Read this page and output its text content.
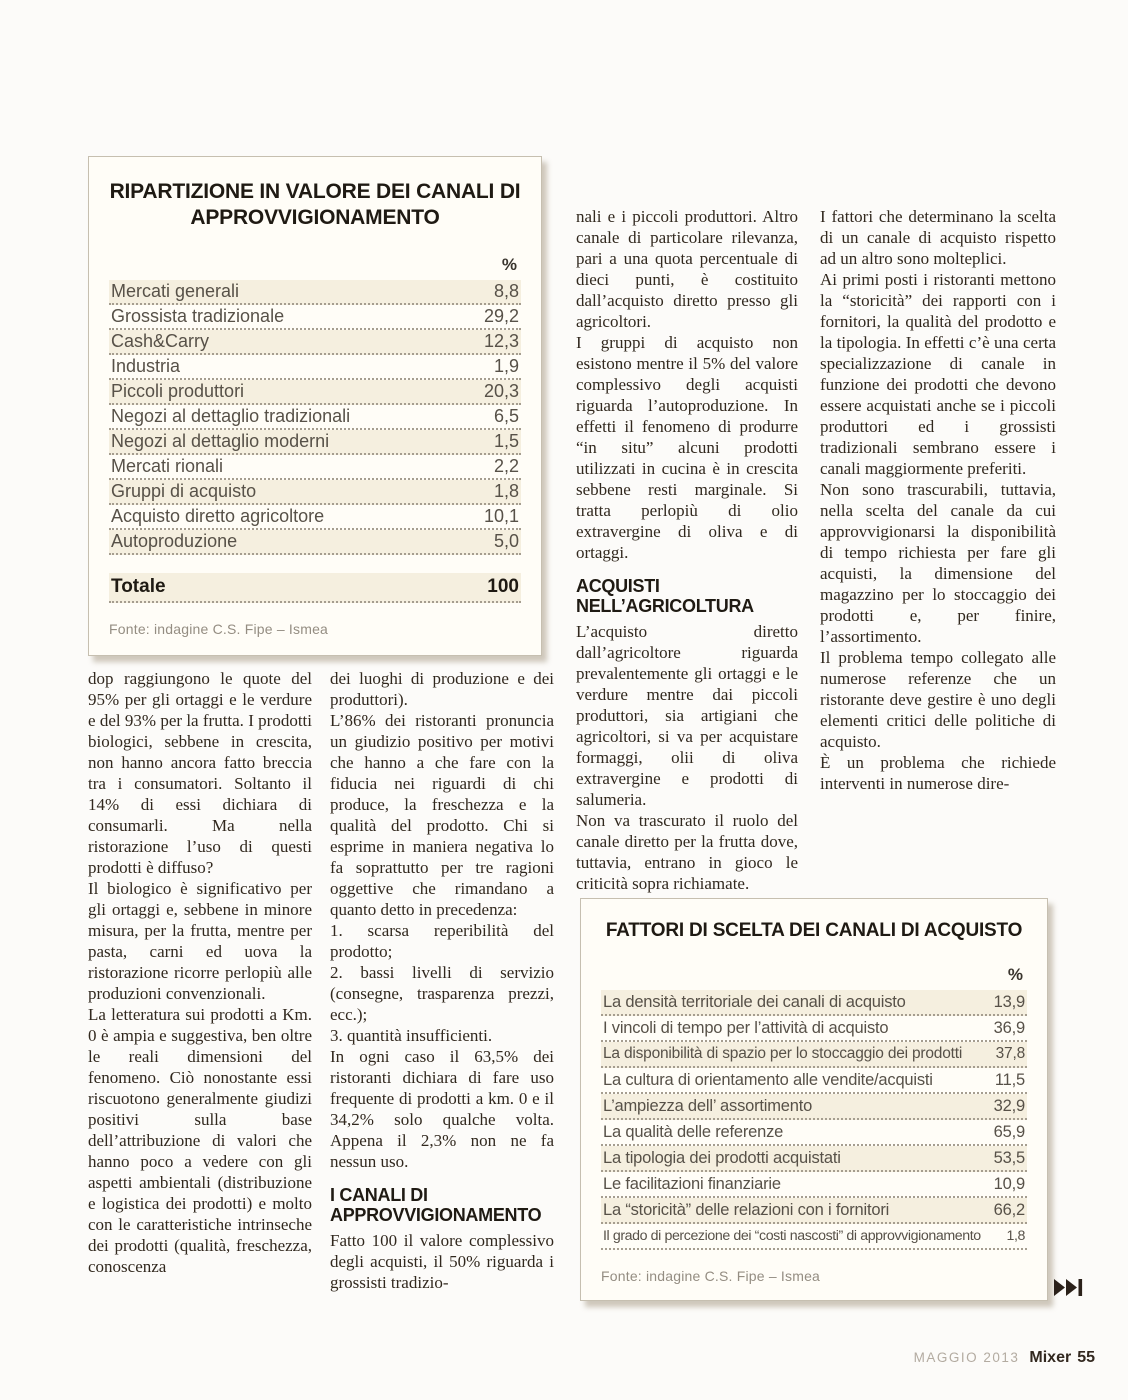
RIPARTIZIONE IN VALORE DEI CANALI DI APPROVVIGIONAMENTO
%
Mercati generali	8,8
Grossista tradizionale	29,2
Cash&Carry	12,3
Industria	1,9
Piccoli produttori	20,3
Negozi al dettaglio tradizionali	6,5
Negozi al dettaglio moderni	1,5
Mercati rionali	2,2
Gruppi di acquisto	1,8
Acquisto diretto agricoltore	10,1
Autoproduzione	5,0
Totale	100
Fonte: indagine C.S. Fipe – Ismea

dop raggiungono le quote del 95% per gli ortaggi e le verdure e del 93% per la frutta. I prodotti biologici, sebbene in crescita, non hanno ancora fatto breccia tra i consumatori. Soltanto il 14% di essi dichiara di consumarli. Ma nella ristorazione l’uso di questi prodotti è diffuso?

Il biologico è significativo per gli ortaggi e, sebbene in minore misura, per la frutta, mentre per pasta, carni ed uova la ristorazione ricorre perlopiù alle produzioni convenzionali.

La letteratura sui prodotti a Km. 0 è ampia e suggestiva, ben oltre le reali dimensioni del fenomeno. Ciò nonostante essi riscuotono generalmente giudizi positivi sulla base dell’attribuzione di valori che hanno poco a vedere con gli aspetti ambientali (distribuzione e logistica dei prodotti) e molto con le caratteristiche intrinseche dei prodotti (qualità, freschezza, conoscenza

dei luoghi di produzione e dei produttori).

L’86% dei ristoranti pronuncia un giudizio positivo per motivi che hanno a che fare con la fiducia nei riguardi di chi produce, la freschezza e la qualità del prodotto. Chi si esprime in maniera negativa lo fa soprattutto per tre ragioni oggettive che rimandano a quanto detto in precedenza:

1. scarsa reperibilità del prodotto;

2. bassi livelli di servizio (consegne, trasparenza prezzi, ecc.);

3. quantità insufficienti.

In ogni caso il 63,5% dei ristoranti dichiara di fare uso frequente di prodotti a km. 0 e il 34,2% solo qualche volta. Appena il 2,3% non ne fa nessun uso.

I CANALI DI APPROVVIGIONAMENTO

Fatto 100 il valore complessivo degli acquisti, il 50% riguarda i grossisti tradizio-

nali e i piccoli produttori. Altro canale di particolare rilevanza, pari a una quota percentuale di dieci punti, è costituito dall’acquisto diretto presso gli agricoltori.

I gruppi di acquisto non esistono mentre il 5% del valore complessivo degli acquisti riguarda l’autoproduzione. In effetti il fenomeno di produrre “in situ” alcuni prodotti utilizzati in cucina è in crescita sebbene resti marginale. Si tratta perlopiù di olio extravergine di oliva e di ortaggi.

ACQUISTI NELL’AGRICOLTURA

L’acquisto diretto dall’agricoltore riguarda prevalentemente gli ortaggi e le verdure mentre dai piccoli produttori, sia artigiani che agricoltori, si va per acquistare formaggi, olii di oliva extravergine e prodotti di salumeria.

Non va trascurato il ruolo del canale diretto per la frutta dove, tuttavia, entrano in gioco le criticità sopra richiamate.

I fattori che determinano la scelta di un canale di acquisto rispetto ad un altro sono molteplici.

Ai primi posti i ristoranti mettono la “storicità” dei rapporti con i fornitori, la qualità del prodotto e la tipologia. In effetti c’è una certa specializzazione di canale in funzione dei prodotti che devono essere acquistati anche se i piccoli produttori ed i grossisti tradizionali sembrano essere i canali maggiormente preferiti.

Non sono trascurabili, tuttavia, nella scelta del canale da cui approvvigionarsi la disponibilità di tempo richiesta per fare gli acquisti, la dimensione del magazzino per lo stoccaggio dei prodotti e, per finire, l’assortimento.

Il problema tempo collegato alle numerose referenze che un ristorante deve gestire è uno degli elementi critici delle politiche di acquisto.

È un problema che richiede interventi in numerose dire-

FATTORI DI SCELTA DEI CANALI DI ACQUISTO
%
La densità territoriale dei canali di acquisto	13,9
I vincoli di tempo per l’attività di acquisto	36,9
La disponibilità di spazio per lo stoccaggio dei prodotti	37,8
La cultura di orientamento alle vendite/acquisti	11,5
L’ampiezza dell’ assortimento	32,9
La qualità delle referenze	65,9
La tipologia dei prodotti acquistati	53,5
Le facilitazioni finanziarie	10,9
La “storicità” delle relazioni con i fornitori	66,2
Il grado di percezione dei “costi nascosti” di approvvigionamento	1,8
Fonte: indagine C.S. Fipe – Ismea
MAGGIO 2013 Mixer 55
